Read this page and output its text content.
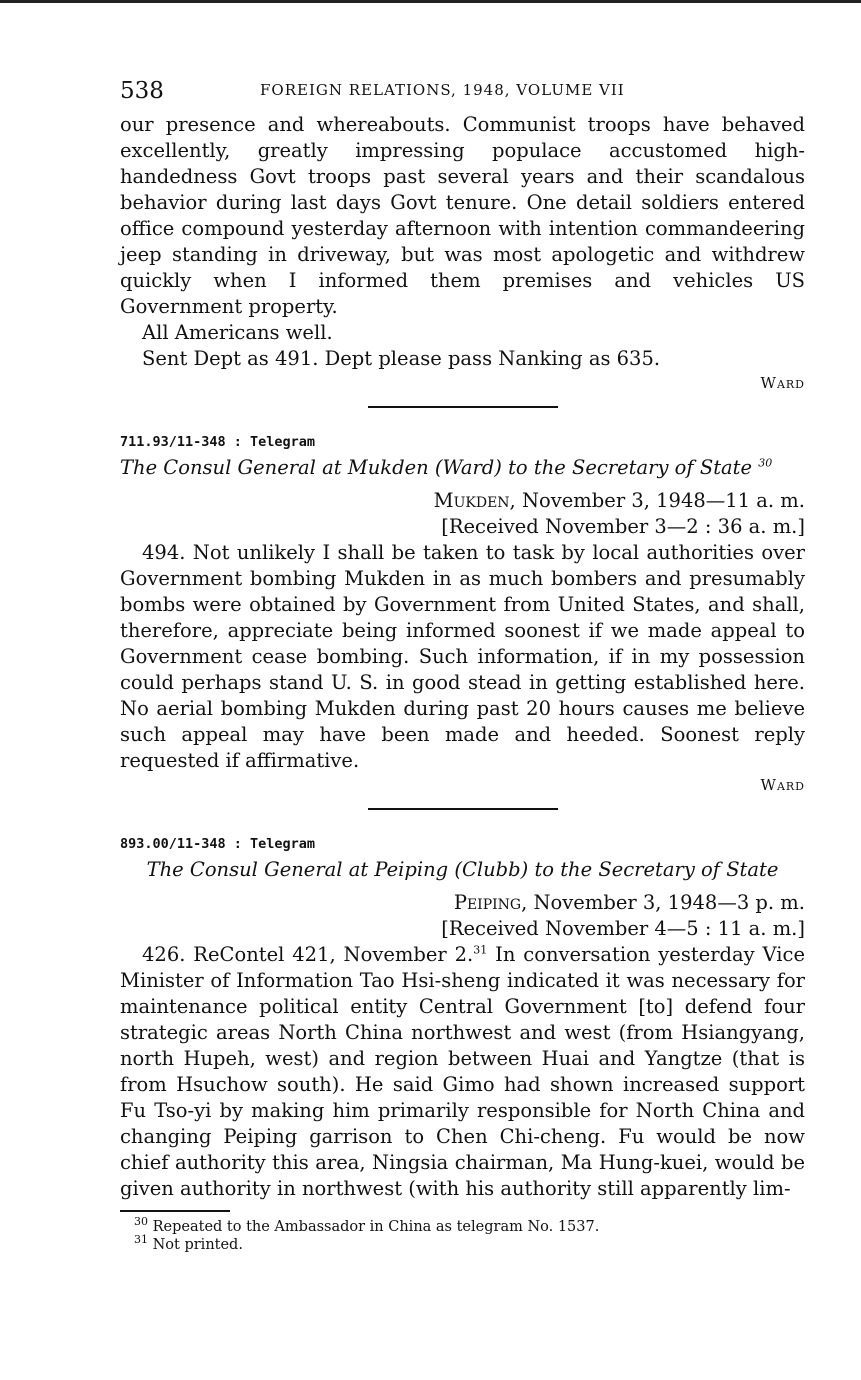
538	FOREIGN RELATIONS, 1948, VOLUME VII

our presence and whereabouts. Communist troops have behaved excellently, greatly impressing populace accustomed high-handedness Govt troops past several years and their scandalous behavior during last days Govt tenure. One detail soldiers entered office compound yesterday afternoon with intention commandeering jeep standing in driveway, but was most apologetic and withdrew quickly when I informed them premises and vehicles US Government property.

All Americans well.

Sent Dept as 491. Dept please pass Nanking as 635.

Ward
711.93/11-348 : Telegram
The Consul General at Mukden (Ward) to the Secretary of State $^{30}$
Mukden, November 3, 1948—11 a. m.
[Received November 3—2 : 36 a. m.]

494. Not unlikely I shall be taken to task by local authorities over Government bombing Mukden in as much bombers and presumably bombs were obtained by Government from United States, and shall, therefore, appreciate being informed soonest if we made appeal to Government cease bombing. Such information, if in my possession could perhaps stand U. S. in good stead in getting established here. No aerial bombing Mukden during past 20 hours causes me believe such appeal may have been made and heeded. Soonest reply requested if affirmative.

Ward
893.00/11-348 : Telegram
The Consul General at Peiping (Clubb) to the Secretary of State
Peiping, November 3, 1948—3 p. m.
[Received November 4—5 : 11 a. m.]

426. ReContel 421, November 2.31 In conversation yesterday Vice Minister of Information Tao Hsi-sheng indicated it was necessary for maintenance political entity Central Government [to] defend four strategic areas North China northwest and west (from Hsiangyang, north Hupeh, west) and region between Huai and Yangtze (that is from Hsuchow south). He said Gimo had shown increased support Fu Tso-yi by making him primarily responsible for North China and changing Peiping garrison to Chen Chi-cheng. Fu would be now chief authority this area, Ningsia chairman, Ma Hung-kuei, would be given authority in northwest (with his authority still apparently lim-

$^{30}$ Repeated to the Ambassador in China as telegram No. 1537.
$^{31}$ Not printed.
